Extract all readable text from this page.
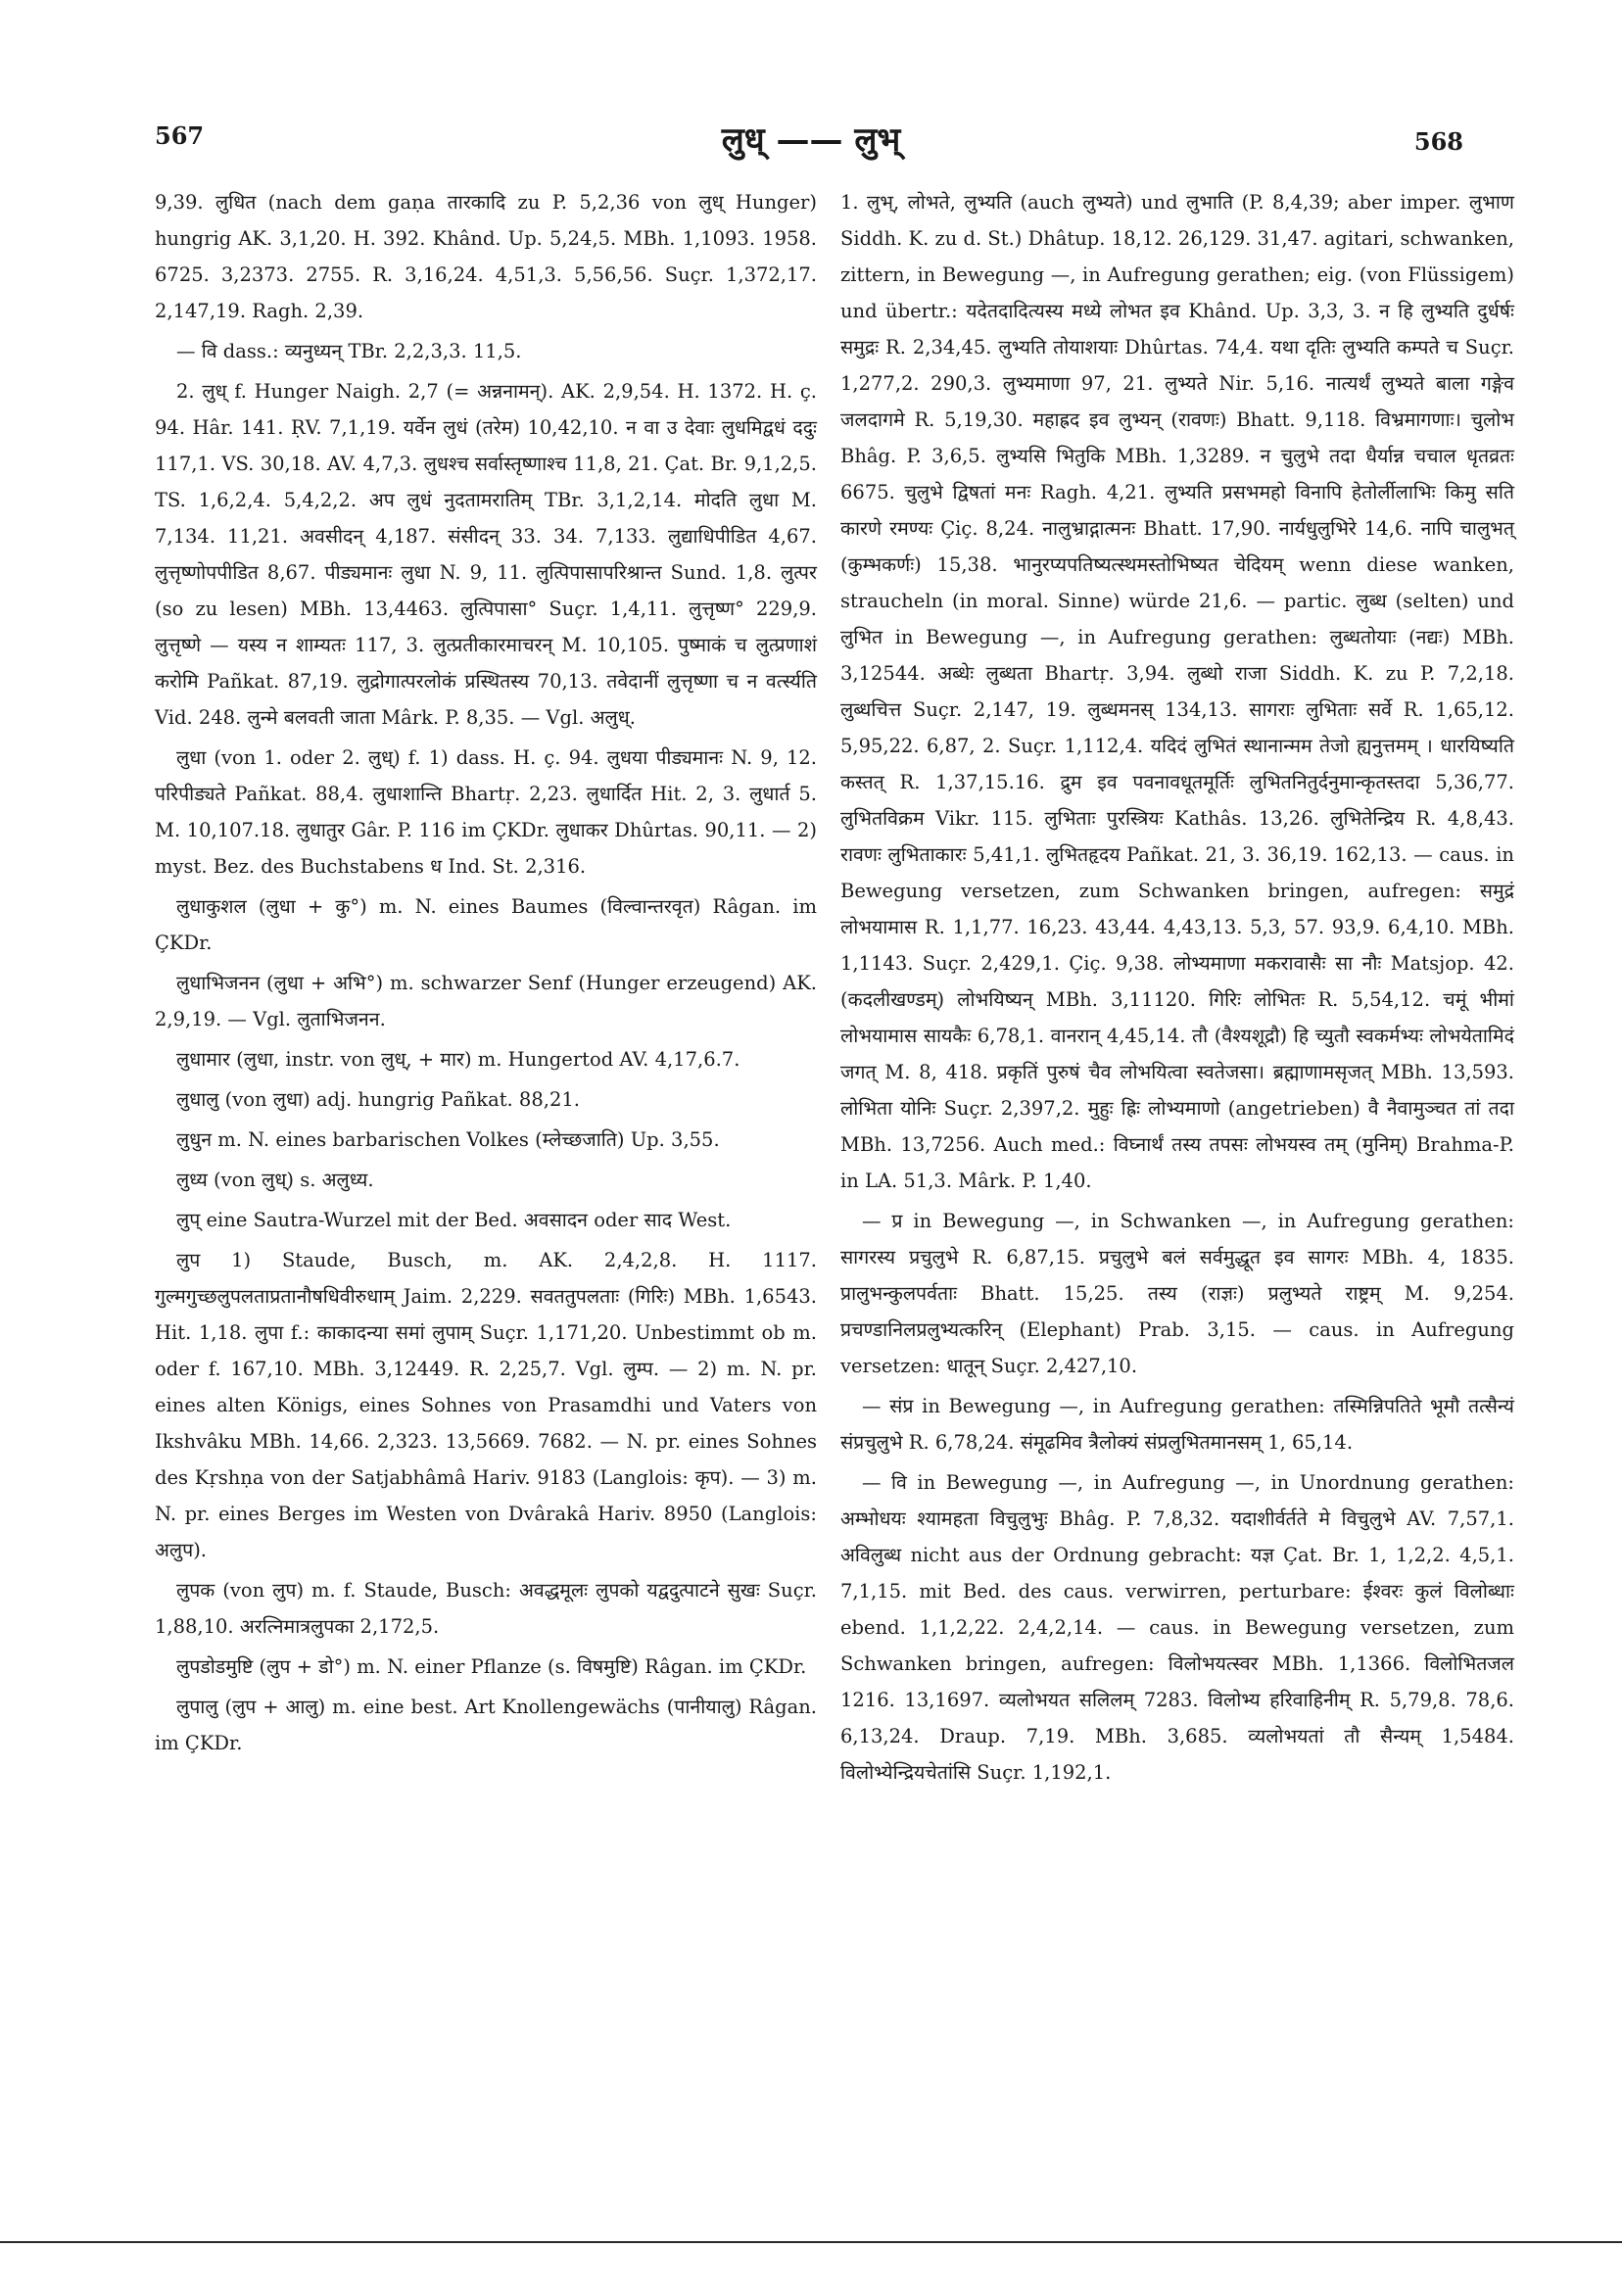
567	लुध् —— लुभ्	568

9,39. लुधित (nach dem gaṇa तारकादि zu P. 5,2,36 von लुध् Hunger) hungrig AK. 3,1,20. H. 392. Khând. Up. 5,24,5. MBh. 1,1093. 1958. 6725. 3,2373. 2755. R. 3,16,24. 4,51,3. 5,56,56. Suçr. 1,372,17. 2,147,19. Ragh. 2,39.

— वि dass.: व्यनुध्यन् TBr. 2,2,3,3. 11,5.

2. लुध् f. Hunger Naigh. 2,7 (= अन्ननामन्). AK. 2,9,54. H. 1372. H. ç. 94. Hâr. 141. ṚV. 7,1,19. यर्वेन लुधं (तरेम) 10,42,10. न वा उ देवाः लुधमिद्वधं ददुः 117,1. VS. 30,18. AV. 4,7,3. लुधश्च सर्वास्तृष्णाश्च 11,8, 21. Çat. Br. 9,1,2,5. TS. 1,6,2,4. 5,4,2,2. अप लुधं नुदतामरातिम् TBr. 3,1,2,14. मोदति लुधा M. 7,134. 11,21. अवसीदन् 4,187. संसीदन् 33. 34. 7,133. लुद्याधिपीडित 4,67. लुत्तृष्णोपपीडित 8,67. पीड्यमानः लुधा N. 9, 11. लुत्पिपासापरिश्रान्त Sund. 1,8. लुत्पर (so zu lesen) MBh. 13,4463. लुत्पिपासा° Suçr. 1,4,11. लुत्तृष्ण° 229,9. लुत्तृष्णे — यस्य न शाम्यतः 117, 3. लुत्प्रतीकारमाचरन् M. 10,105. पुष्माकं च लुत्प्रणाशं करोमि Pañkat. 87,19. लुद्रोगात्परलोकं प्रस्थितस्य 70,13. तवेदानीं लुत्तृष्णा च न वर्त्स्यति Vid. 248. लुन्मे बलवती जाता Mârk. P. 8,35. — Vgl. अलुध्.

लुधा (von 1. oder 2. लुध्) f. 1) dass. H. ç. 94. लुधया पीड्यमानः N. 9, 12. परिपीड्यते Pañkat. 88,4. लुधाशान्ति Bhartṛ. 2,23. लुधार्दित Hit. 2, 3. लुधार्त 5. M. 10,107.18. लुधातुर Gâr. P. 116 im ÇKDr. लुधाकर Dhûrtas. 90,11. — 2) myst. Bez. des Buchstabens ध Ind. St. 2,316.

लुधाकुशल (लुधा + कु°) m. N. eines Baumes (विल्वान्तरवृत) Râgan. im ÇKDr.

लुधाभिजनन (लुधा + अभि°) m. schwarzer Senf (Hunger erzeugend) AK. 2,9,19. — Vgl. लुताभिजनन.

लुधामार (लुधा, instr. von लुध्, + मार) m. Hungertod AV. 4,17,6.7.

लुधालु (von लुधा) adj. hungrig Pañkat. 88,21.

लुधुन m. N. eines barbarischen Volkes (म्लेच्छजाति) Up. 3,55.

लुध्य (von लुध्) s. अलुध्य.

लुप् eine Sautra-Wurzel mit der Bed. अवसादन oder साद West.

लुप 1) Staude, Busch, m. AK. 2,4,2,8. H. 1117. गुल्मगुच्छलुपलताप्रतानौषधिवीरुधाम् Jaim. 2,229. सवततुपलताः (गिरिः) MBh. 1,6543. Hit. 1,18. लुपा f.: काकादन्या समां लुपाम् Suçr. 1,171,20. Unbestimmt ob m. oder f. 167,10. MBh. 3,12449. R. 2,25,7. Vgl. लुम्प. — 2) m. N. pr. eines alten Königs, eines Sohnes von Prasamdhi und Vaters von Ikshvâku MBh. 14,66. 2,323. 13,5669. 7682. — N. pr. eines Sohnes des Kṛshṇa von der Satjabhâmâ Hariv. 9183 (Langlois: कृप). — 3) m. N. pr. eines Berges im Westen von Dvârakâ Hariv. 8950 (Langlois: अलुप).

लुपक (von लुप) m. f. Staude, Busch: अवद्धमूलः लुपको यद्वदुत्पाटने सुखः Suçr. 1,88,10. अरत्निमात्रलुपका 2,172,5.

लुपडोडमुष्टि (लुप + डो°) m. N. einer Pflanze (s. विषमुष्टि) Râgan. im ÇKDr.

लुपालु (लुप + आलु) m. eine best. Art Knollengewächs (पानीयालु) Râgan. im ÇKDr.

1. लुभ्, लोभते, लुभ्यति (auch लुभ्यते) und लुभाति (P. 8,4,39; aber imper. लुभाण Siddh. K. zu d. St.) Dhâtup. 18,12. 26,129. 31,47. agitari, schwanken, zittern, in Bewegung —, in Aufregung gerathen; eig. (von Flüssigem) und übertr.: यदेतदादित्यस्य मध्ये लोभत इव Khând. Up. 3,3, 3. न हि लुभ्यति दुर्धर्षः समुद्रः R. 2,34,45. लुभ्यति तोयाशयाः Dhûrtas. 74,4. यथा दृतिः लुभ्यति कम्पते च Suçr. 1,277,2. 290,3. लुभ्यमाणा 97, 21. लुभ्यते Nir. 5,16. नात्यर्थं लुभ्यते बाला गङ्गेव जलदागमे R. 5,19,30. महाह्रद इव लुभ्यन् (रावणः) Bhatt. 9,118. विभ्रमागणाः। चुलोभ Bhâg. P. 3,6,5. लुभ्यसि भितुकि MBh. 1,3289. न चुलुभे तदा धैर्यान्न चचाल धृतव्रतः 6675. चुलुभे द्विषतां मनः Ragh. 4,21. लुभ्यति प्रसभमहो विनापि हेतोर्लीलाभिः किमु सति कारणे रमण्यः Çiç. 8,24. नालुभ्राद्गात्मनः Bhatt. 17,90. नार्यधुलुभिरे 14,6. नापि चालुभत् (कुम्भकर्णः) 15,38. भानुरप्यपतिष्यत्स्थमस्तोभिष्यत चेदियम् wenn diese wanken, straucheln (in moral. Sinne) würde 21,6. — partic. लुब्ध (selten) und लुभित in Bewegung —, in Aufregung gerathen: लुब्धतोयाः (नद्यः) MBh. 3,12544. अब्धेः लुब्धता Bhartṛ. 3,94. लुब्धो राजा Siddh. K. zu P. 7,2,18. लुब्धचित्त Suçr. 2,147, 19. लुब्धमनस् 134,13. सागराः लुभिताः सर्वे R. 1,65,12. 5,95,22. 6,87, 2. Suçr. 1,112,4. यदिदं लुभितं स्थानान्मम तेजो ह्यनुत्तमम् । धारयिष्यति कस्तत् R. 1,37,15.16. द्रुम इव पवनावधूतमूर्तिः लुभितनितुर्दनुमान्कृतस्तदा 5,36,77. लुभितविक्रम Vikr. 115. लुभिताः पुरस्त्रियः Kathâs. 13,26. लुभितेन्द्रिय R. 4,8,43. रावणः लुभिताकारः 5,41,1. लुभितहृदय Pañkat. 21, 3. 36,19. 162,13. — caus. in Bewegung versetzen, zum Schwanken bringen, aufregen: समुद्रं लोभयामास R. 1,1,77. 16,23. 43,44. 4,43,13. 5,3, 57. 93,9. 6,4,10. MBh. 1,1143. Suçr. 2,429,1. Çiç. 9,38. लोभ्यमाणा मकरावासैः सा नौः Matsjop. 42. (कदलीखण्डम्) लोभयिष्यन् MBh. 3,11120. गिरिः लोभितः R. 5,54,12. चमूं भीमां लोभयामास सायकैः 6,78,1. वानरान् 4,45,14. तौ (वैश्यशूद्रौ) हि च्युतौ स्वकर्मभ्यः लोभयेतामिदं जगत् M. 8, 418. प्रकृतिं पुरुषं चैव लोभयित्वा स्वतेजसा। ब्रह्माणामसृजत् MBh. 13,593. लोभिता योनिः Suçr. 2,397,2. मुहुः ह्रिः लोभ्यमाणो (angetrieben) वै नैवामुञ्चत तां तदा MBh. 13,7256. Auch med.: विघ्नार्थं तस्य तपसः लोभयस्व तम् (मुनिम्) Brahma-P. in LA. 51,3. Mârk. P. 1,40.

— प्र in Bewegung —, in Schwanken —, in Aufregung gerathen: सागरस्य प्रचुलुभे R. 6,87,15. प्रचुलुभे बलं सर्वमुद्धूत इव सागरः MBh. 4, 1835. प्रालुभन्कुलपर्वताः Bhatt. 15,25. तस्य (राज्ञः) प्रलुभ्यते राष्ट्रम् M. 9,254. प्रचण्डानिलप्रलुभ्यत्करिन् (Elephant) Prab. 3,15. — caus. in Aufregung versetzen: धातून् Suçr. 2,427,10.

— संप्र in Bewegung —, in Aufregung gerathen: तस्मिन्निपतिते भूमौ तत्सैन्यं संप्रचुलुभे R. 6,78,24. संमूढमिव त्रैलोक्यं संप्रलुभितमानसम् 1, 65,14.

— वि in Bewegung —, in Aufregung —, in Unordnung gerathen: अम्भोधयः श्यामहता विचुलुभुः Bhâg. P. 7,8,32. यदाशीर्वर्तते मे विचुलुभे AV. 7,57,1. अविलुब्ध nicht aus der Ordnung gebracht: यज्ञ Çat. Br. 1, 1,2,2. 4,5,1. 7,1,15. mit Bed. des caus. verwirren, perturbare: ईश्वरः कुलं विलोब्धाः ebend. 1,1,2,22. 2,4,2,14. — caus. in Bewegung versetzen, zum Schwanken bringen, aufregen: विलोभयत्स्वर MBh. 1,1366. विलोभितजल 1216. 13,1697. व्यलोभयत सलिलम् 7283. विलोभ्य हरिवाहिनीम् R. 5,79,8. 78,6. 6,13,24. Draup. 7,19. MBh. 3,685. व्यलोभयतां तौ सैन्यम् 1,5484. विलोभ्येन्द्रियचेतांसि Suçr. 1,192,1.
